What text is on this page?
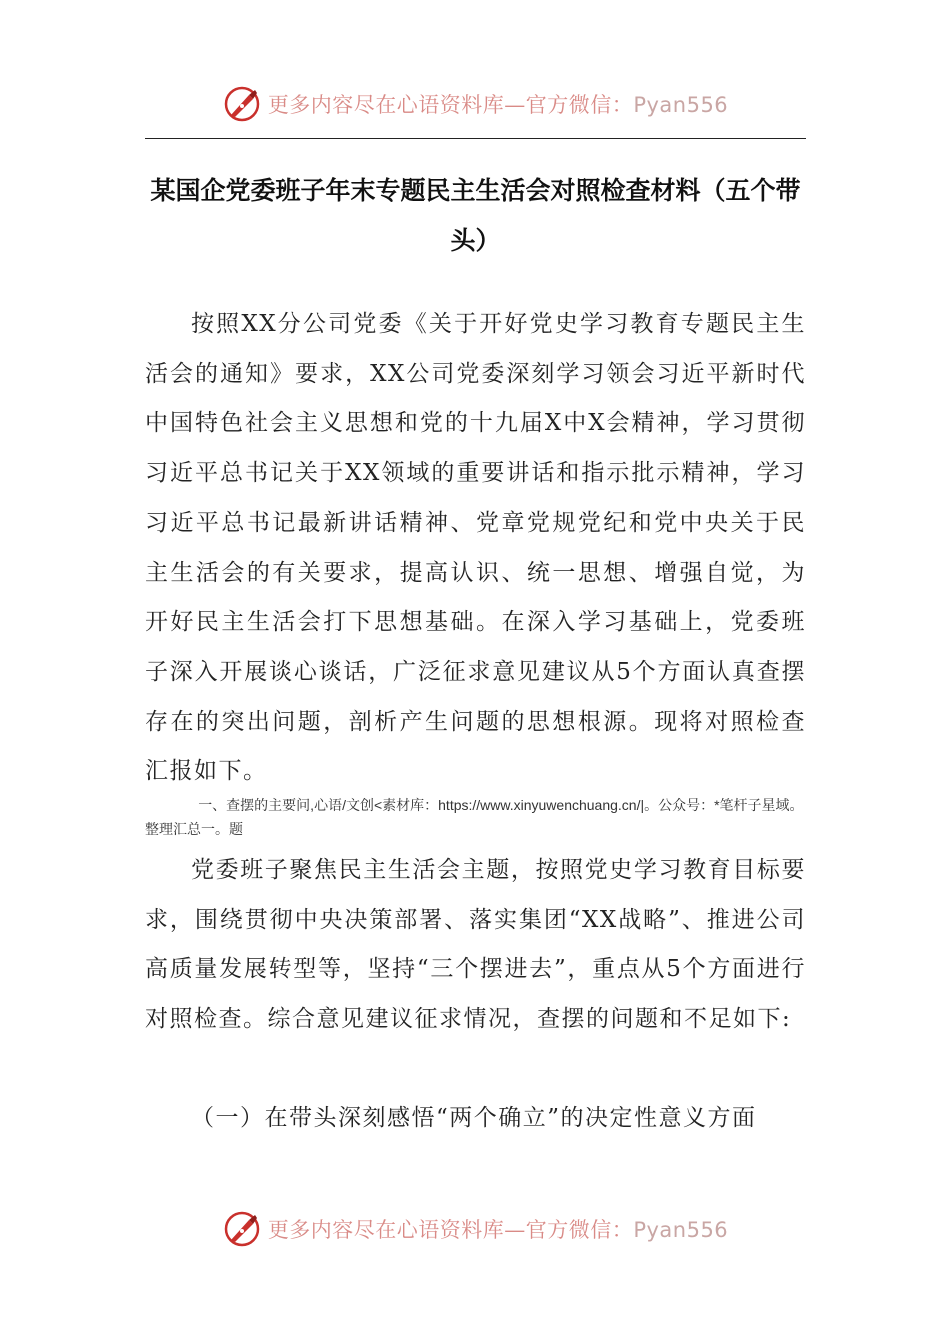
更多内容尽在心语资料库—官方微信：Pyan556
某国企党委班子年末专题民主生活会对照检查材料（五个带头）

按照XX分公司党委《关于开好党史学习教育专题民主生活会的通知》要求，XX公司党委深刻学习领会习近平新时代中国特色社会主义思想和党的十九届X中X会精神，学习贯彻习近平总书记关于XX领域的重要讲话和指示批示精神，学习习近平总书记最新讲话精神、党章党规党纪和党中央关于民主生活会的有关要求，提高认识、统一思想、增强自觉，为开好民主生活会打下思想基础。在深入学习基础上，党委班子深入开展谈心谈话，广泛征求意见建议从5个方面认真查摆存在的突出问题，剖析产生问题的思想根源。现将对照检查汇报如下。

一、查摆的主要问,心语/文创<素材库：https://www.xinyuwenchuang.cn/|。公众号：*笔杆子星域。整理汇总一。题

党委班子聚焦民主生活会主题，按照党史学习教育目标要求，围绕贯彻中央决策部署、落实集团“XX战略”、推进公司高质量发展转型等，坚持“三个摆进去”，重点从5个方面进行对照检查。综合意见建议征求情况，查摆的问题和不足如下:

（一）在带头深刻感悟“两个确立”的决定性意义方面

更多内容尽在心语资料库—官方微信：Pyan556
